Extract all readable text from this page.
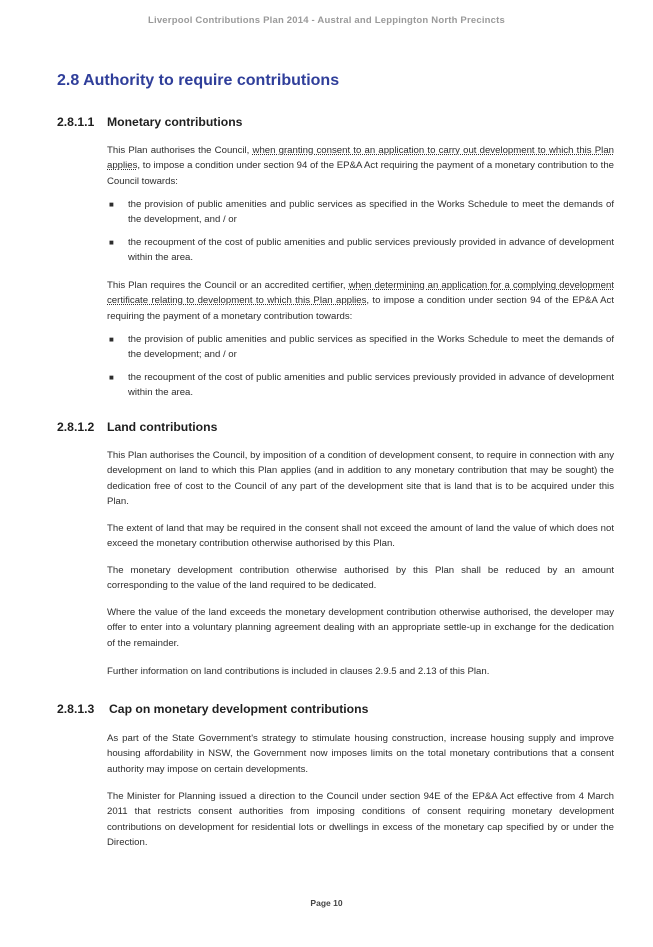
Liverpool Contributions Plan 2014 - Austral and Leppington North Precincts
2.8 Authority to require contributions
2.8.1.1 Monetary contributions

This Plan authorises the Council, when granting consent to an application to carry out development to which this Plan applies, to impose a condition under section 94 of the EP&A Act requiring the payment of a monetary contribution to the Council towards:

■ the provision of public amenities and public services as specified in the Works Schedule to meet the demands of the development, and / or
■ the recoupment of the cost of public amenities and public services previously provided in advance of development within the area.

This Plan requires the Council or an accredited certifier, when determining an application for a complying development certificate relating to development to which this Plan applies, to impose a condition under section 94 of the EP&A Act requiring the payment of a monetary contribution towards:

■ the provision of public amenities and public services as specified in the Works Schedule to meet the demands of the development; and / or
■ the recoupment of the cost of public amenities and public services previously provided in advance of development within the area.
2.8.1.2 Land contributions

This Plan authorises the Council, by imposition of a condition of development consent, to require in connection with any development on land to which this Plan applies (and in addition to any monetary contribution that may be sought) the dedication free of cost to the Council of any part of the development site that is land that is to be acquired under this Plan.

The extent of land that may be required in the consent shall not exceed the amount of land the value of which does not exceed the monetary contribution otherwise authorised by this Plan.

The monetary development contribution otherwise authorised by this Plan shall be reduced by an amount corresponding to the value of the land required to be dedicated.

Where the value of the land exceeds the monetary development contribution otherwise authorised, the developer may offer to enter into a voluntary planning agreement dealing with an appropriate settle-up in exchange for the dedication of the remainder.

Further information on land contributions is included in clauses 2.9.5 and 2.13 of this Plan.

2.8.1.3 Cap on monetary development contributions

As part of the State Government's strategy to stimulate housing construction, increase housing supply and improve housing affordability in NSW, the Government now imposes limits on the total monetary contributions that a consent authority may impose on certain developments.

The Minister for Planning issued a direction to the Council under section 94E of the EP&A Act effective from 4 March 2011 that restricts consent authorities from imposing conditions of consent requiring monetary development contributions on development for residential lots or dwellings in excess of the monetary cap specified by or under the Direction.

Page 10
